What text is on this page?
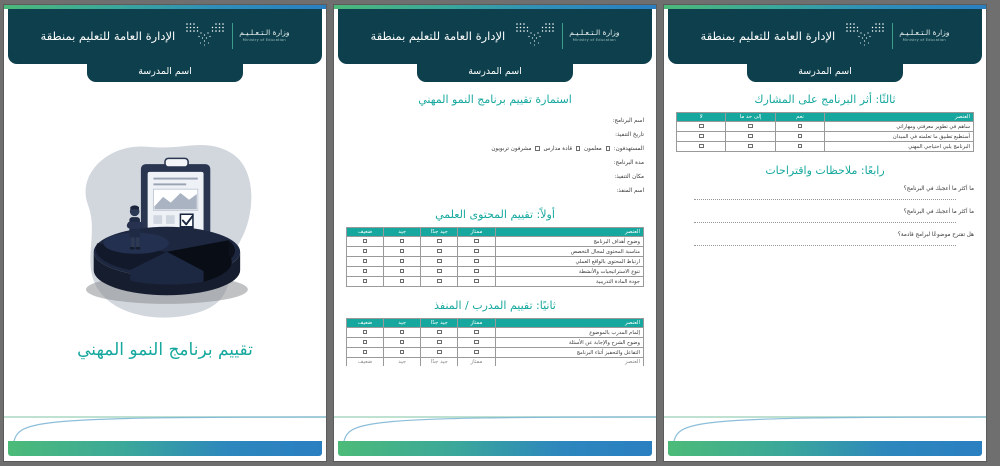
وزارة الـتـعـلـيـم
Ministry of Education
الإدارة العامة للتعليم بمنطقة
اسم المدرسة
تقييم برنامج النمو المهني
وزارة الـتـعـلـيـم
Ministry of Education
الإدارة العامة للتعليم بمنطقة
اسم المدرسة
استمارة تقييم برنامج النمو المهني
اسم البرنامج:
تاريخ التنفيذ:
المستهدفون:  معلمون  قادة مدارس  مشرفون تربويون
مدة البرنامج:
مكان التنفيذ:
اسم المنفذ:
أولاً: تقييم المحتوى العلمي
العنصر	ممتاز	جيد جدًا	جيد	ضعيف
وضوح أهداف البرنامج				
مناسبة المحتوى لمجال التخصص				
ارتباط المحتوى بالواقع العملي				
تنوع الاستراتيجيات والأنشطة				
جودة المادة التدريبية				
ثانيًا: تقييم المدرب / المنفذ
العنصر	ممتاز	جيد جدًا	جيد	ضعيف
إلمام المدرب بالموضوع				
وضوح الشرح والإجابة عن الأسئلة				
التفاعل والتحفيز أثناء البرنامج				
العنصر	ممتاز	جيد جدًا	جيد	ضعيف
وزارة الـتـعـلـيـم
Ministry of Education
الإدارة العامة للتعليم بمنطقة
اسم المدرسة
ثالثًا: أثر البرنامج على المشارك
العنصر	نعم	إلى حد ما	لا
ساهم في تطوير معرفتي ومهاراتي			
أستطيع تطبيق ما تعلمته في الميدان			
البرنامج يلبي احتياجي المهني			
رابعًا: ملاحظات واقتراحات
ما أكثر ما أعجبك في البرنامج؟
ما أكثر ما أعجبك في البرنامج؟
هل تقترح موضوعًا لبرامج قادمة؟
